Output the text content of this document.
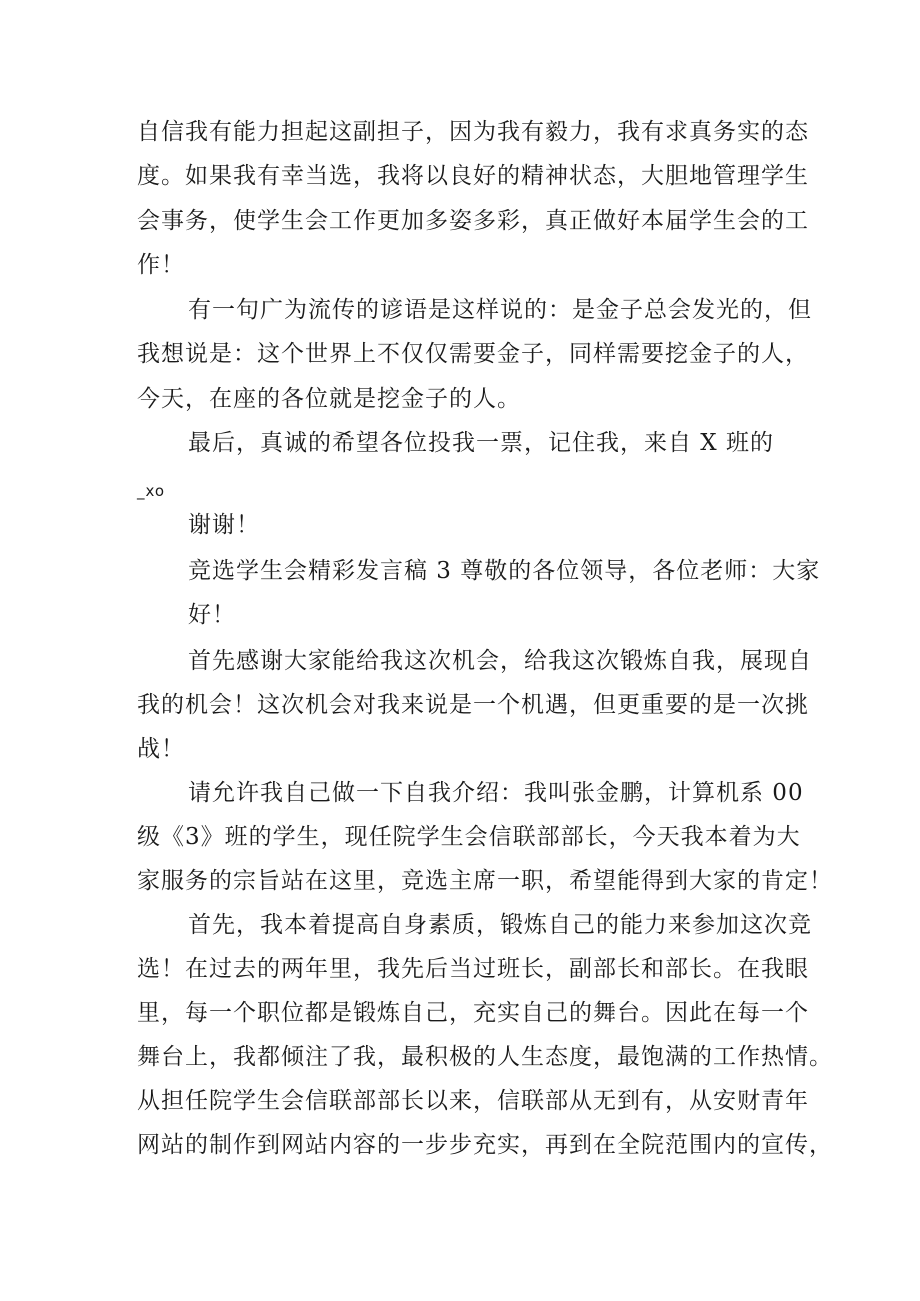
自信我有能力担起这副担子，因为我有毅力，我有求真务实的态
度。如果我有幸当选，我将以良好的精神状态，大胆地管理学生
会事务，使学生会工作更加多姿多彩，真正做好本届学生会的工
作！
有一句广为流传的谚语是这样说的：是金子总会发光的，但
我想说是：这个世界上不仅仅需要金子，同样需要挖金子的人，
今天，在座的各位就是挖金子的人。
最后，真诚的希望各位投我一票，记住我，来自 X 班的
_xo
谢谢！
竞选学生会精彩发言稿 3 尊敬的各位领导，各位老师：大家
好！
首先感谢大家能给我这次机会，给我这次锻炼自我，展现自
我的机会！这次机会对我来说是一个机遇，但更重要的是一次挑
战！
请允许我自己做一下自我介绍：我叫张金鹏，计算机系 00
级《3》班的学生，现任院学生会信联部部长，今天我本着为大
家服务的宗旨站在这里，竞选主席一职，希望能得到大家的肯定！
首先，我本着提高自身素质，锻炼自己的能力来参加这次竞
选！在过去的两年里，我先后当过班长，副部长和部长。在我眼
里，每一个职位都是锻炼自己，充实自己的舞台。因此在每一个
舞台上，我都倾注了我，最积极的人生态度，最饱满的工作热情。
从担任院学生会信联部部长以来，信联部从无到有，从安财青年
网站的制作到网站内容的一步步充实，再到在全院范围内的宣传，
